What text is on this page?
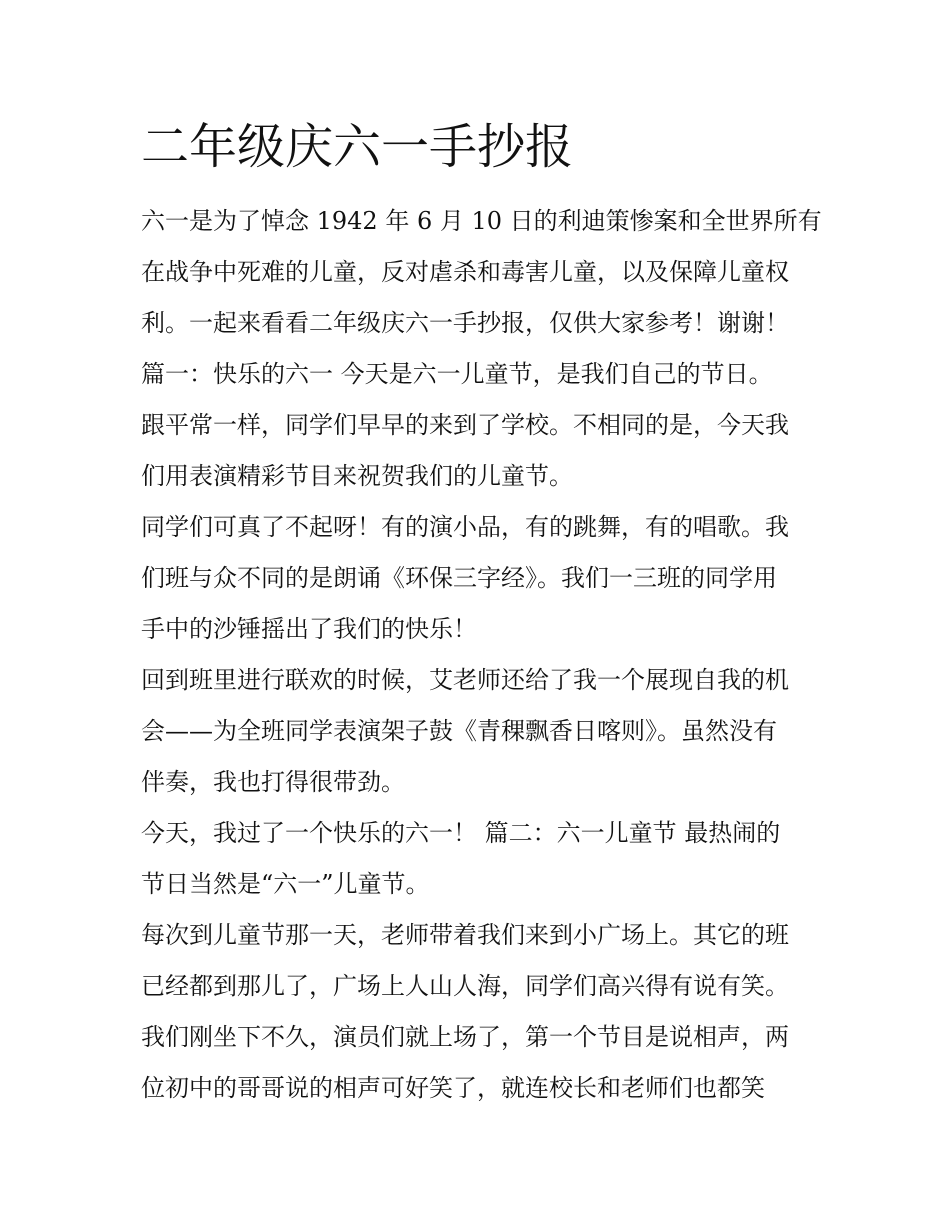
二年级庆六一手抄报
六一是为了悼念 1942 年 6 月 10 日的利迪策惨案和全世界所有
在战争中死难的儿童，反对虐杀和毒害儿童，以及保障儿童权
利。一起来看看二年级庆六一手抄报，仅供大家参考！谢谢！
篇一：快乐的六一 今天是六一儿童节，是我们自己的节日。
跟平常一样，同学们早早的来到了学校。不相同的是，今天我
们用表演精彩节目来祝贺我们的儿童节。
同学们可真了不起呀！有的演小品，有的跳舞，有的唱歌。我
们班与众不同的是朗诵《环保三字经》。我们一三班的同学用
手中的沙锤摇出了我们的快乐！
回到班里进行联欢的时候，艾老师还给了我一个展现自我的机
会——为全班同学表演架子鼓《青稞飘香日喀则》。虽然没有
伴奏，我也打得很带劲。
今天，我过了一个快乐的六一！ 篇二：六一儿童节 最热闹的
节日当然是“六一”儿童节。
每次到儿童节那一天，老师带着我们来到小广场上。其它的班
已经都到那儿了，广场上人山人海，同学们高兴得有说有笑。
我们刚坐下不久，演员们就上场了，第一个节目是说相声，两
位初中的哥哥说的相声可好笑了，就连校长和老师们也都笑
